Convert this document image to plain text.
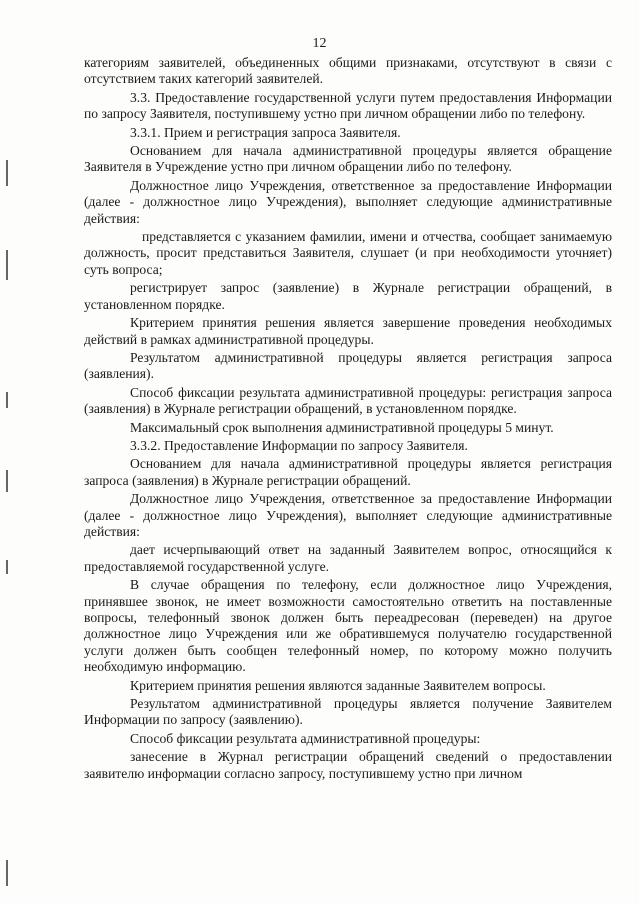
12

категориям заявителей, объединенных общими признаками, отсутствуют в связи с отсутствием таких категорий заявителей.

3.3. Предоставление государственной услуги путем предоставления Информации по запросу Заявителя, поступившему устно при личном обращении либо по телефону.

3.3.1. Прием и регистрация запроса Заявителя.

Основанием для начала административной процедуры является обращение Заявителя в Учреждение устно при личном обращении либо по телефону.

Должностное лицо Учреждения, ответственное за предоставление Информации (далее - должностное лицо Учреждения), выполняет следующие административные действия:

представляется с указанием фамилии, имени и отчества, сообщает занимаемую должность, просит представиться Заявителя, слушает (и при необходимости уточняет) суть вопроса;

регистрирует запрос (заявление) в Журнале регистрации обращений, в установленном порядке.

Критерием принятия решения является завершение проведения необходимых действий в рамках административной процедуры.

Результатом административной процедуры является регистрация запроса (заявления).

Способ фиксации результата административной процедуры: регистрация запроса (заявления) в Журнале регистрации обращений, в установленном порядке.

Максимальный срок выполнения административной процедуры 5 минут.

3.3.2. Предоставление Информации по запросу Заявителя.

Основанием для начала административной процедуры является регистрация запроса (заявления) в Журнале регистрации обращений.

Должностное лицо Учреждения, ответственное за предоставление Информации (далее - должностное лицо Учреждения), выполняет следующие административные действия:

дает исчерпывающий ответ на заданный Заявителем вопрос, относящийся к предоставляемой государственной услуге.

В случае обращения по телефону, если должностное лицо Учреждения, принявшее звонок, не имеет возможности самостоятельно ответить на поставленные вопросы, телефонный звонок должен быть переадресован (переведен) на другое должностное лицо Учреждения или же обратившемуся получателю государственной услуги должен быть сообщен телефонный номер, по которому можно получить необходимую информацию.

Критерием принятия решения являются заданные Заявителем вопросы.

Результатом административной процедуры является получение Заявителем Информации по запросу (заявлению).

Способ фиксации результата административной процедуры:

занесение в Журнал регистрации обращений сведений о предоставлении заявителю информации согласно запросу, поступившему устно при личном
